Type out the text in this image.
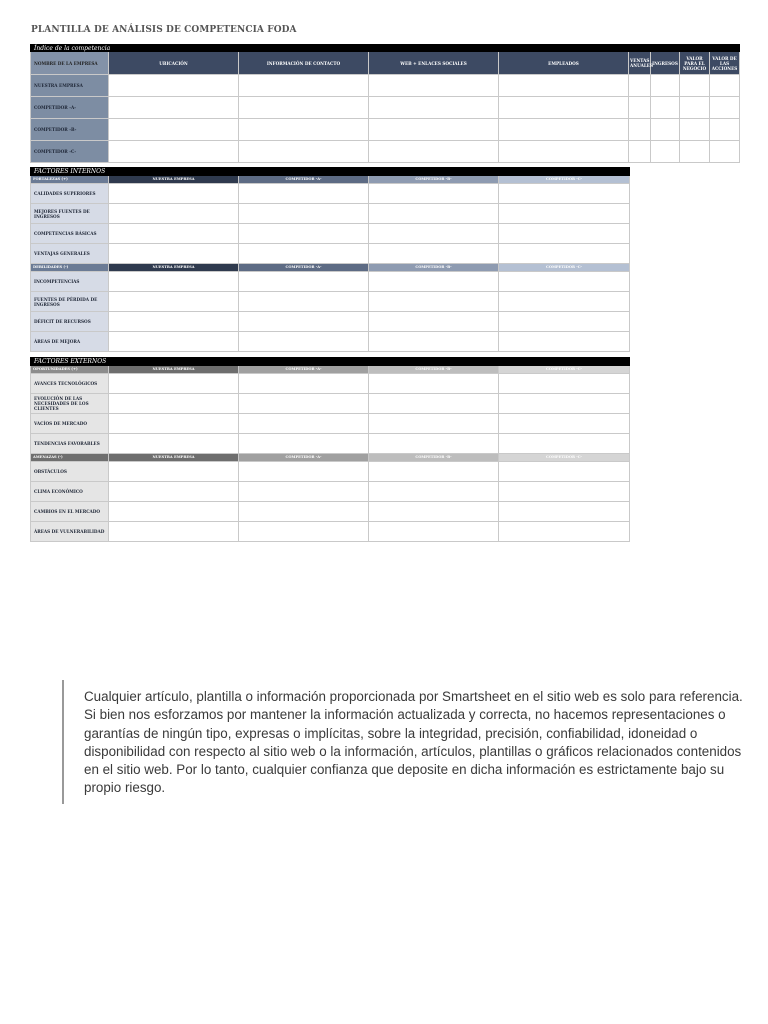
PLANTILLA DE ANÁLISIS DE COMPETENCIA FODA
Índice de la competencia								
NOMBRE DE LA EMPRESA	UBICACIÓN	INFORMACIÓN DE CONTACTO	WEB + ENLACES SOCIALES	EMPLEADOS	VENTAS ANUALES	INGRESOS	VALOR PARA EL NEGOCIO	VALOR DE LAS ACCIONES
NUESTRA EMPRESA								
COMPETIDOR -A-								
COMPETIDOR -B-								
COMPETIDOR -C-								
FACTORES INTERNOS				
FORTALEZAS (+)	NUESTRA EMPRESA	COMPETIDOR -A-	COMPETIDOR -B-	COMPETIDOR -C-
CALIDADES SUPERIORES				
MEJORES FUENTES DE INGRESOS				
COMPETENCIAS BÁSICAS				
VENTAJAS GENERALES				
DEBILIDADES (-)	NUESTRA EMPRESA	COMPETIDOR -A-	COMPETIDOR -B-	COMPETIDOR -C-
INCOMPETENCIAS				
FUENTES DE PÉRDIDA DE INGRESOS				
DÉFICIT DE RECURSOS				
ÁREAS DE MEJORA				
FACTORES EXTERNOS				
OPORTUNIDADES (+)	NUESTRA EMPRESA	COMPETIDOR -A-	COMPETIDOR -B-	COMPETIDOR -C-
AVANCES TECNOLÓGICOS				
EVOLUCIÓN DE LAS NECESIDADES DE LOS CLIENTES				
VACÍOS DE MERCADO				
TENDENCIAS FAVORABLES				
AMENAZAS (-)	NUESTRA EMPRESA	COMPETIDOR -A-	COMPETIDOR -B-	COMPETIDOR -C-
OBSTÁCULOS				
CLIMA ECONÓMICO				
CAMBIOS EN EL MERCADO				
ÁREAS DE VULNERABILIDAD				
Cualquier artículo, plantilla o información proporcionada por Smartsheet en el sitio web es solo para referencia. Si bien nos esforzamos por mantener la información actualizada y correcta, no hacemos representaciones o garantías de ningún tipo, expresas o implícitas, sobre la integridad, precisión, confiabilidad, idoneidad o disponibilidad con respecto al sitio web o la información, artículos, plantillas o gráficos relacionados contenidos en el sitio web. Por lo tanto, cualquier confianza que deposite en dicha información es estrictamente bajo su propio riesgo.
